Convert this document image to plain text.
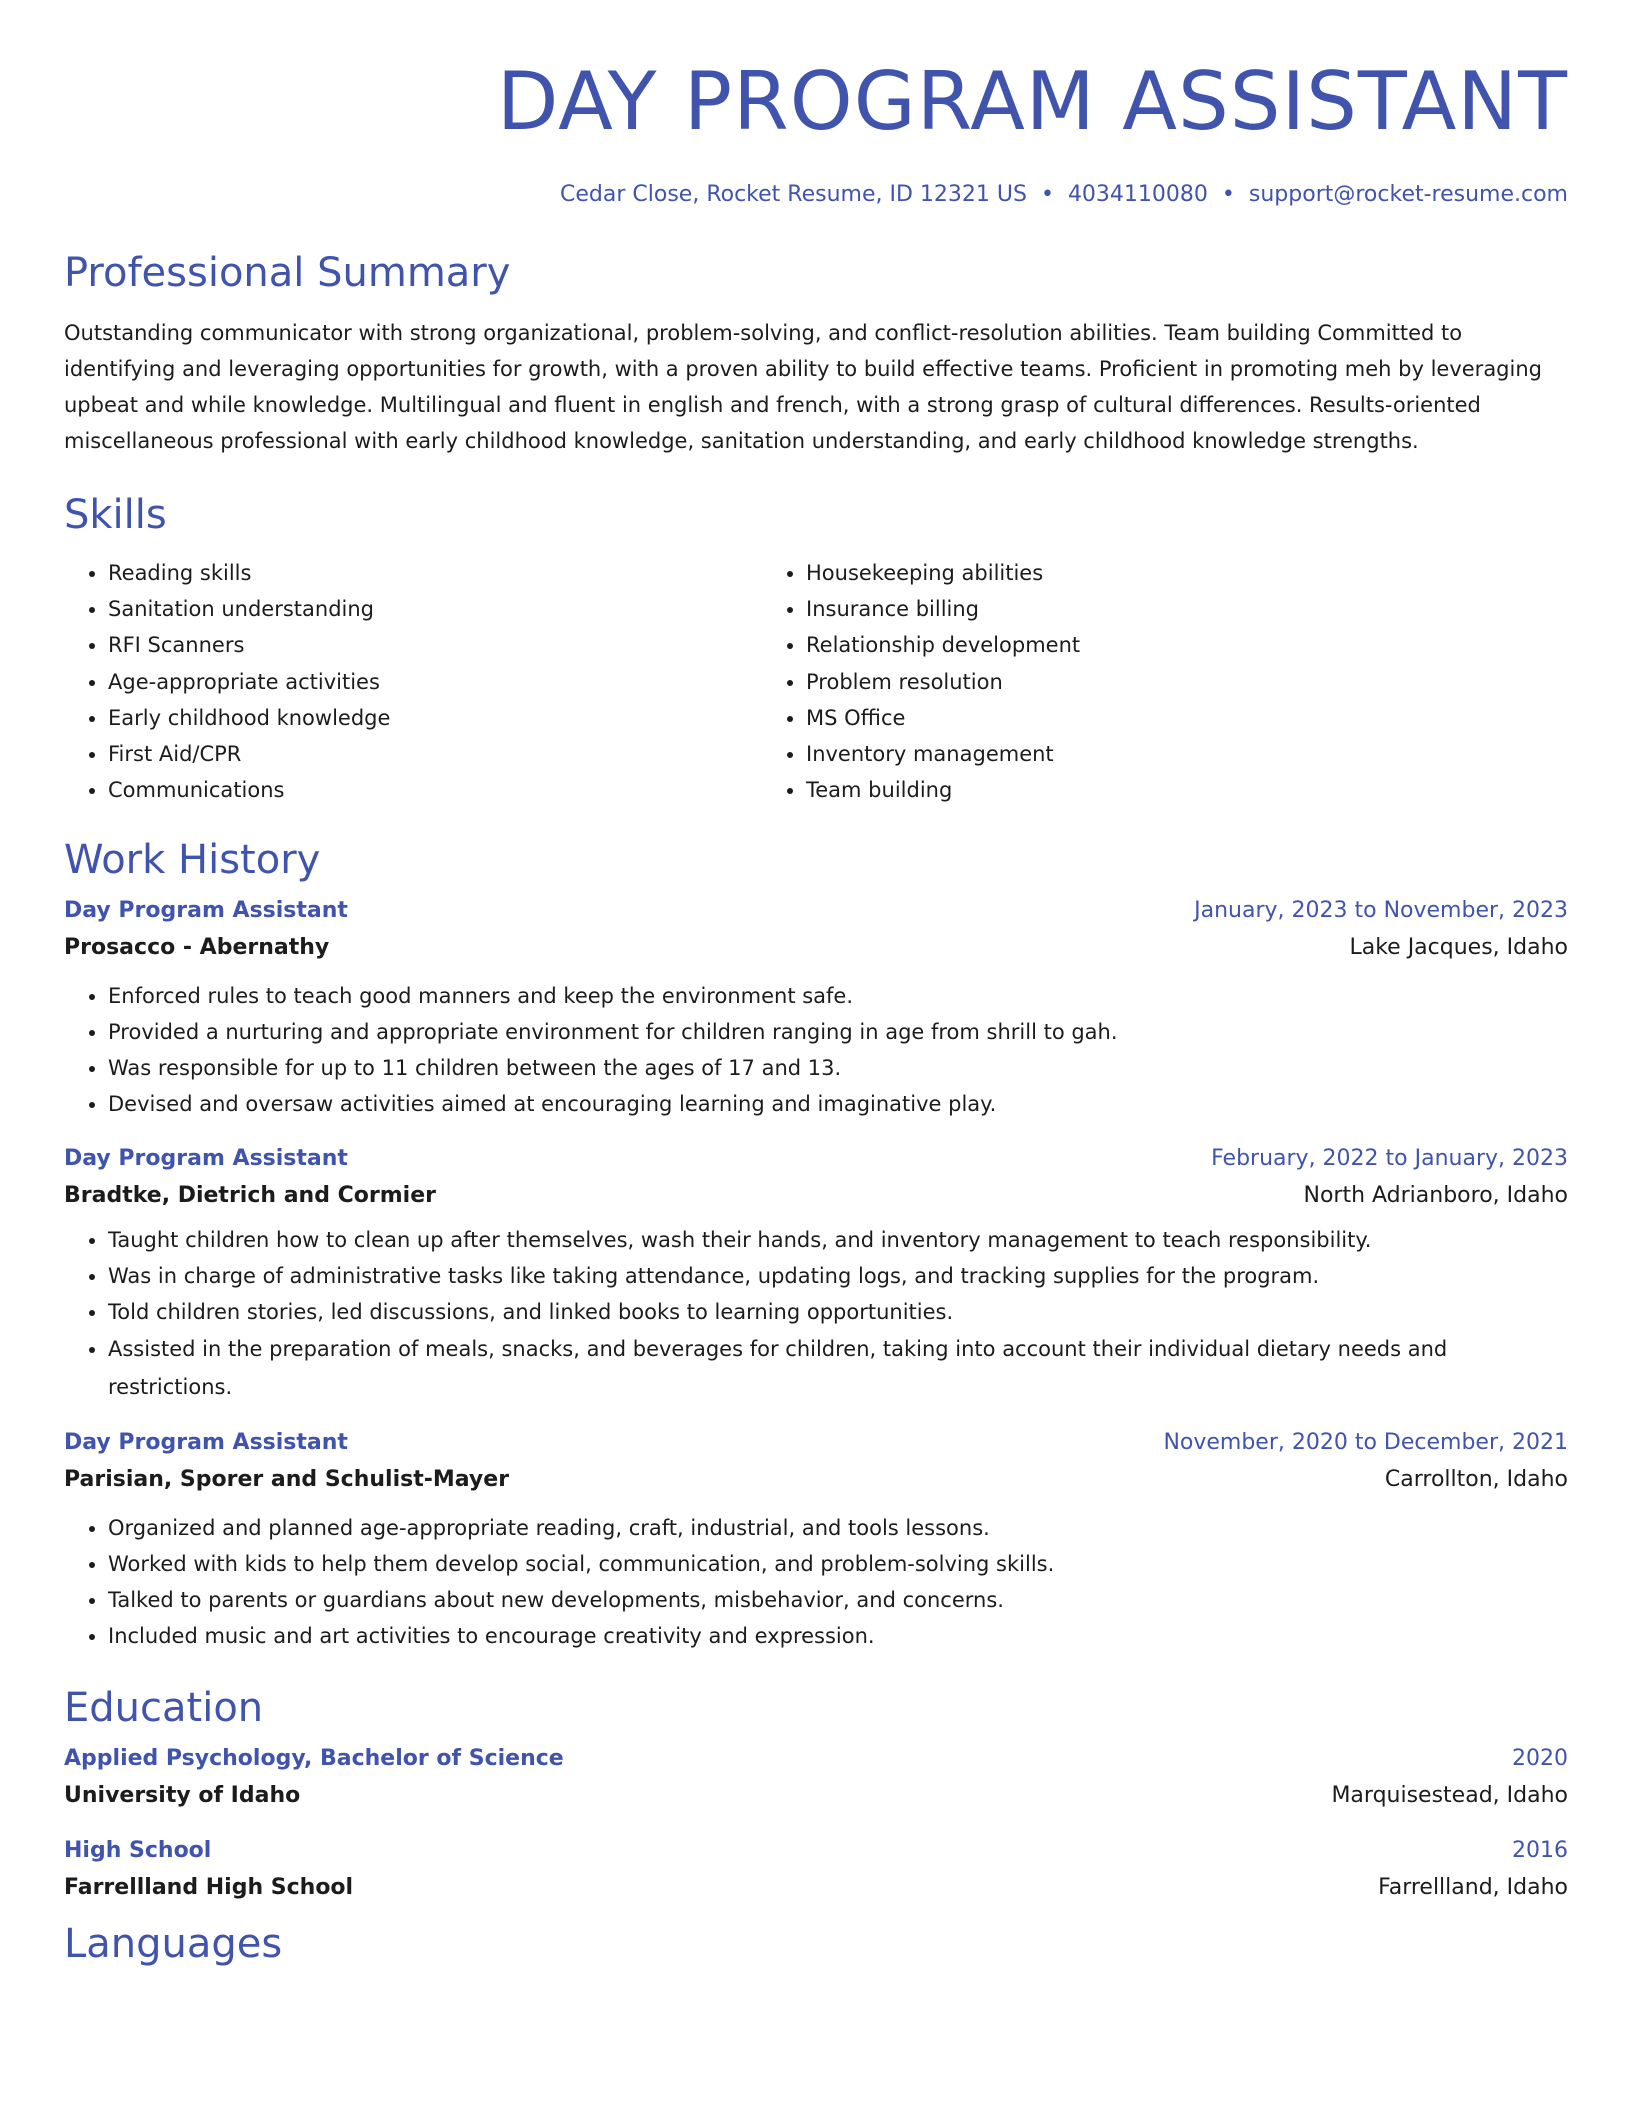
DAY PROGRAM ASSISTANT
Cedar Close, Rocket Resume, ID 12321 US • 4034110080 • support@rocket-resume.com
Professional Summary
Outstanding communicator with strong organizational, problem-solving, and conflict-resolution abilities. Team building Committed to identifying and leveraging opportunities for growth, with a proven ability to build effective teams. Proficient in promoting meh by leveraging upbeat and while knowledge. Multilingual and fluent in english and french, with a strong grasp of cultural differences. Results-oriented miscellaneous professional with early childhood knowledge, sanitation understanding, and early childhood knowledge strengths.
Skills
• Reading skills
• Sanitation understanding
• RFI Scanners
• Age-appropriate activities
• Early childhood knowledge
• First Aid/CPR
• Communications
• Housekeeping abilities
• Insurance billing
• Relationship development
• Problem resolution
• MS Office
• Inventory management
• Team building
Work History
Day Program Assistant	January, 2023 to November, 2023
Prosacco - Abernathy	Lake Jacques, Idaho
• Enforced rules to teach good manners and keep the environment safe.
• Provided a nurturing and appropriate environment for children ranging in age from shrill to gah.
• Was responsible for up to 11 children between the ages of 17 and 13.
• Devised and oversaw activities aimed at encouraging learning and imaginative play.
Day Program Assistant	February, 2022 to January, 2023
Bradtke, Dietrich and Cormier	North Adrianboro, Idaho
• Taught children how to clean up after themselves, wash their hands, and inventory management to teach responsibility.
• Was in charge of administrative tasks like taking attendance, updating logs, and tracking supplies for the program.
• Told children stories, led discussions, and linked books to learning opportunities.
• Assisted in the preparation of meals, snacks, and beverages for children, taking into account their individual dietary needs and restrictions.
Day Program Assistant	November, 2020 to December, 2021
Parisian, Sporer and Schulist-Mayer	Carrollton, Idaho
• Organized and planned age-appropriate reading, craft, industrial, and tools lessons.
• Worked with kids to help them develop social, communication, and problem-solving skills.
• Talked to parents or guardians about new developments, misbehavior, and concerns.
• Included music and art activities to encourage creativity and expression.
Education
Applied Psychology, Bachelor of Science	2020
University of Idaho	Marquisestead, Idaho
High School	2016
Farrellland High School	Farrellland, Idaho
Languages
